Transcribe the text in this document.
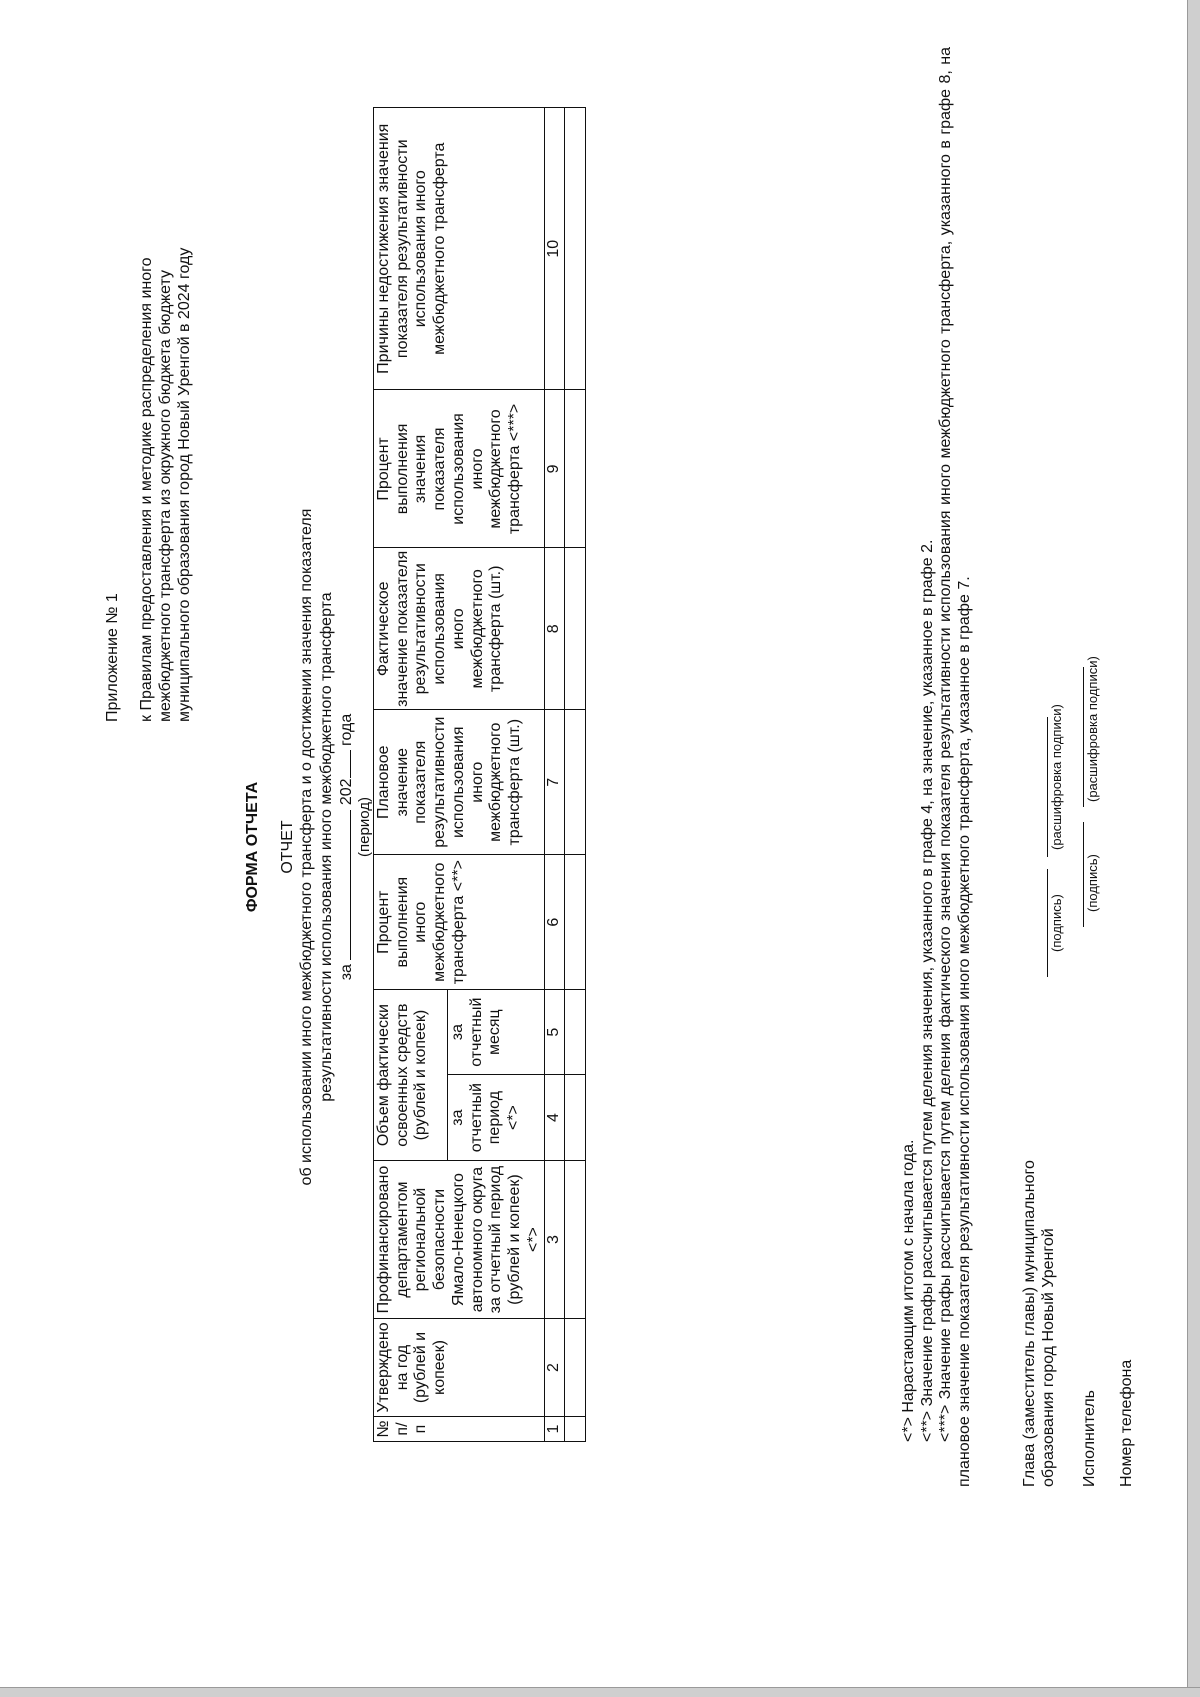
Приложение № 1 к Правилам предоставления и методике распределения иного межбюджетного трансферта из окружного бюджета бюджету муниципального образования город Новый Уренгой в 2024 году
ФОРМА ОТЧЕТА ОТЧЕТ об использовании иного межбюджетного трансферта и о достижении значения показателя результативности использования иного межбюджетного трансферта за  202 года
(период)
№ п/п	Утверждено на год (рублей и копеек)	Профинансировано департаментом региональной безопасности Ямало-Ненецкого автономного округа за отчетный период (рублей и копеек) <*>	Объем фактически освоенных средств (рублей и копеек)		Процент выполнения иного межбюджетного трансферта <**>	Плановое значение показателя результативности использования иного межбюджетного трансферта (шт.)	Фактическое значение показателя результативности использования иного межбюджетного трансферта (шт.)	Процент выполнения значения показателя использования иного межбюджетного трансферта <***>	Причины недостижения значения показателя результативности использования иного межбюджетного трансферта
			за отчетный период <*>	за отчетный месяц					
1	2	3	4	5	6	7	8	9	10

<*> Нарастающим итогом с начала года. <**> Значение графы рассчитывается путем деления значения, указанного в графе 4, на значение, указанное в графе 2. <***> Значение графы рассчитывается путем деления фактического значения показателя результативности использования иного межбюджетного трансферта, указанного в графе 8, на плановое значение показателя результативности использования иного межбюджетного трансферта, указанное в графе 7.	Глава (заместитель главы) муниципального образования город Новый Уренгой
(подпись)
(расшифровка подписи)
Исполнитель
(подпись)
(расшифровка подписи)
Номер телефона
